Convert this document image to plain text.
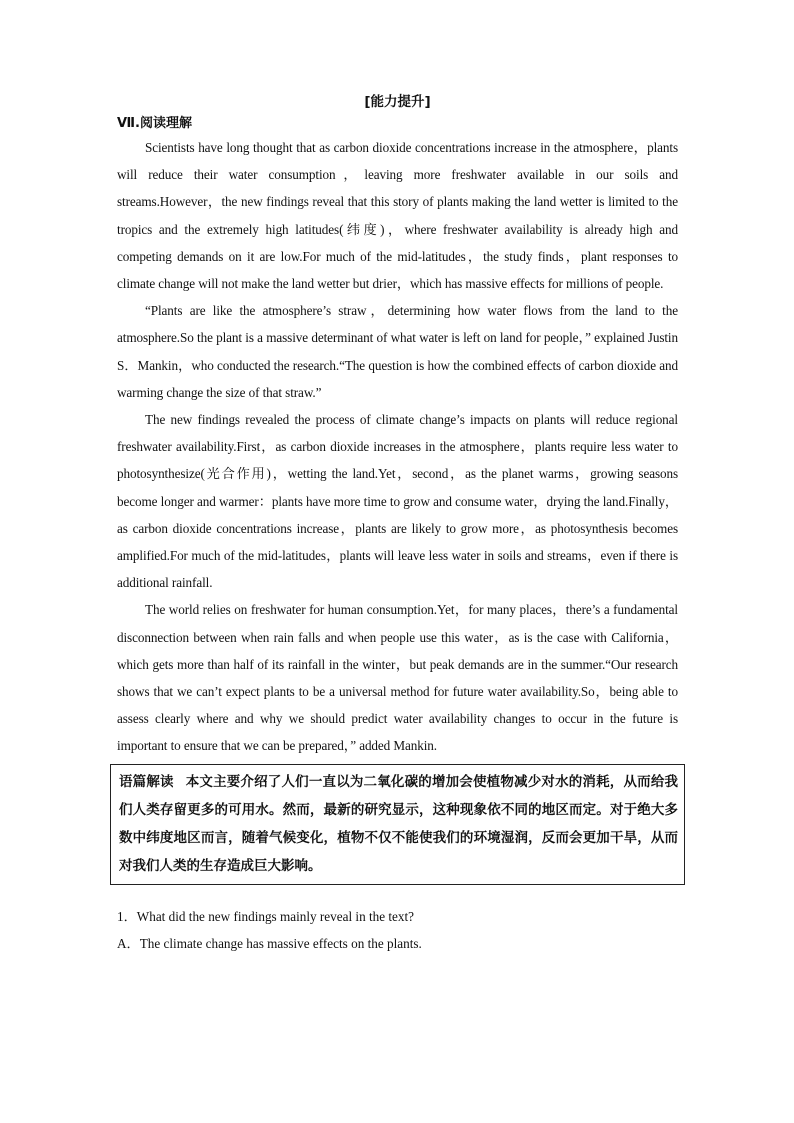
[能力提升]
Ⅶ.阅读理解

Scientists have long thought that as carbon dioxide concentrations increase in the atmosphere，plants will reduce their water consumption，leaving more freshwater available in our soils and streams.However，the new findings reveal that this story of plants making the land wetter is limited to the tropics and the extremely high latitudes(纬度)，where freshwater availability is already high and competing demands on it are low.For much of the mid-latitudes，the study finds，plant responses to climate change will not make the land wetter but drier，which has massive effects for millions of people.

“Plants are like the atmosphere’s straw，determining how water flows from the land to the atmosphere.So the plant is a massive determinant of what water is left on land for people，” explained Justin S．Mankin，who conducted the research.“The question is how the combined effects of carbon dioxide and warming change the size of that straw.”

The new findings revealed the process of climate change’s impacts on plants will reduce regional freshwater availability.First，as carbon dioxide increases in the atmosphere，plants require less water to photosynthesize(光合作用)，wetting the land.Yet，second，as the planet warms，growing seasons become longer and warmer：plants have more time to grow and consume water，drying the land.Finally，as carbon dioxide concentrations increase，plants are likely to grow more，as photosynthesis becomes amplified.For much of the mid-latitudes，plants will leave less water in soils and streams，even if there is additional rainfall.

The world relies on freshwater for human consumption.Yet，for many places，there’s a fundamental disconnection between when rain falls and when people use this water，as is the case with California，which gets more than half of its rainfall in the winter，but peak demands are in the summer.“Our research shows that we can’t expect plants to be a universal method for future water availability.So，being able to assess clearly where and why we should predict water availability changes to occur in the future is important to ensure that we can be prepared，” added Mankin.

语篇解读 本文主要介绍了人们一直以为二氧化碳的增加会使植物减少对水的消耗，从而给我们人类存留更多的可用水。然而，最新的研究显示，这种现象依不同的地区而定。对于绝大多数中纬度地区而言，随着气候变化，植物不仅不能使我们的环境湿润，反而会更加干旱，从而对我们人类的生存造成巨大影响。

1．What did the new findings mainly reveal in the text?

A．The climate change has massive effects on the plants.
